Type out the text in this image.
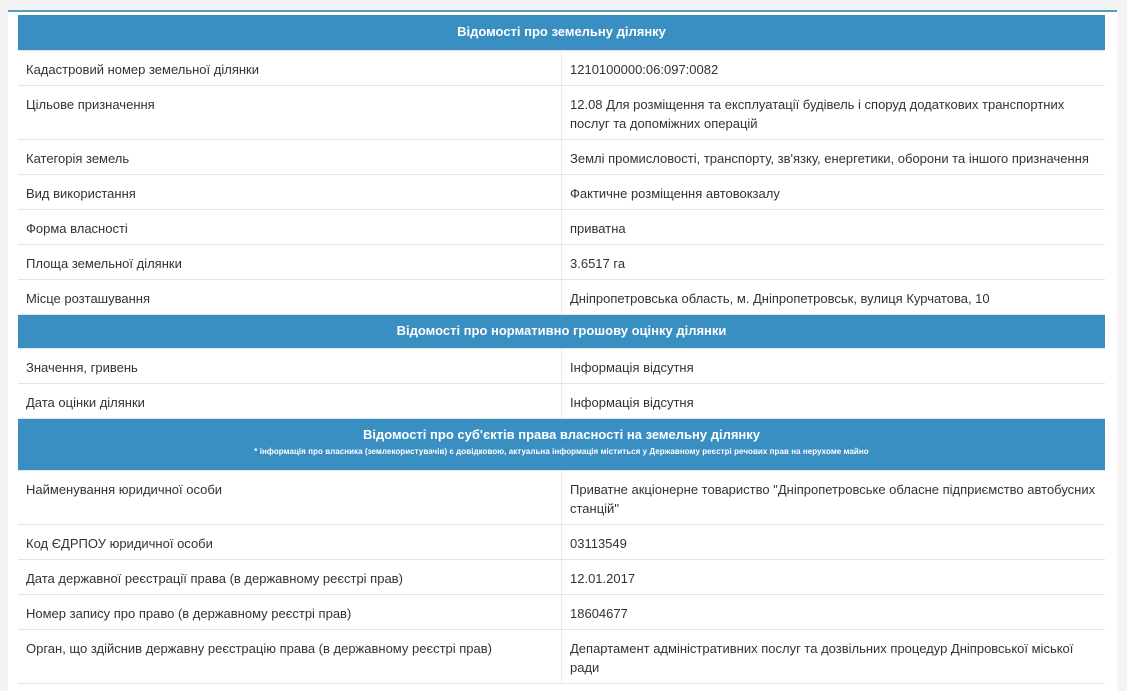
Відомості про земельну ділянку	
Кадастровий номер земельної ділянки	1210100000:06:097:0082
Цільове призначення	12.08 Для розміщення та експлуатації будівель і споруд додаткових транспортних послуг та допоміжних операцій
Категорія земель	Землі промисловості, транспорту, зв'язку, енергетики, оборони та іншого призначення
Вид використання	Фактичне розміщення автовокзалу
Форма власності	приватна
Площа земельної ділянки	3.6517 га
Місце розташування	Дніпропетровська область, м. Дніпропетровськ, вулиця Курчатова, 10
Відомості про нормативно грошову оцінку ділянки	
Значення, гривень	Інформація відсутня
Дата оцінки ділянки	Інформація відсутня
Відомості про суб'єктів права власності на земельну ділянку
* інформація про власника (землекористувачів) є довідковою, актуальна інформація міститься у Державному реєстрі речових прав на нерухоме майно	

Найменування юридичної особи	Приватне акціонерне товариство "Дніпропетровське обласне підприємство автобусних станцій"
Код ЄДРПОУ юридичної особи	03113549
Дата державної реєстрації права (в державному реєстрі прав)	12.01.2017
Номер запису про право (в державному реєстрі прав)	18604677
Орган, що здійснив державну реєстрацію права (в державному реєстрі прав)	Департамент адміністративних послуг та дозвільних процедур Дніпровської міської ради
